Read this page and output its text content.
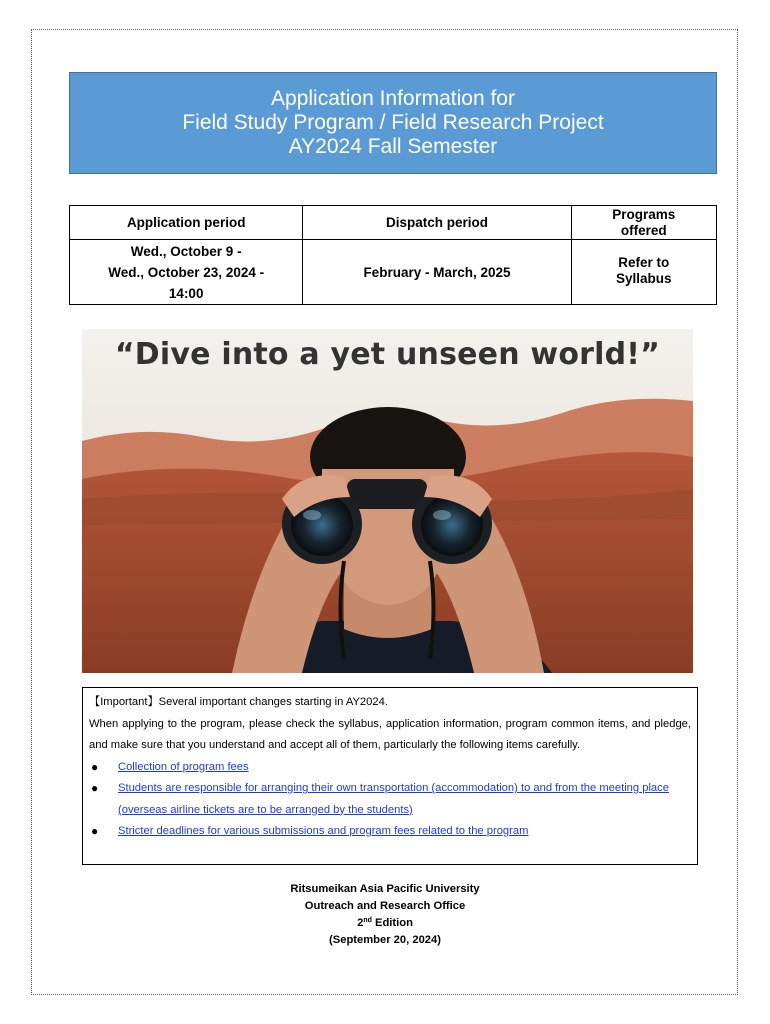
Application Information for
Field Study Program / Field Research Project
AY2024 Fall Semester
Application period	Dispatch period	Programs offered

Wed., October 9 -
Wed., October 23, 2024 -
14:00	February - March, 2025	Refer to Syllabus
“Dive into a yet unseen world!”

【Important】Several important changes starting in AY2024.

When applying to the program, please check the syllabus, application information, program common items, and pledge, and make sure that you understand and accept all of them, particularly the following items carefully.

● Collection of program fees
● Students are responsible for arranging their own transportation (accommodation) to and from the meeting place (overseas airline tickets are to be arranged by the students)
● Stricter deadlines for various submissions and program fees related to the program
Ritsumeikan Asia Pacific University
Outreach and Research Office
2nd Edition
(September 20, 2024)
